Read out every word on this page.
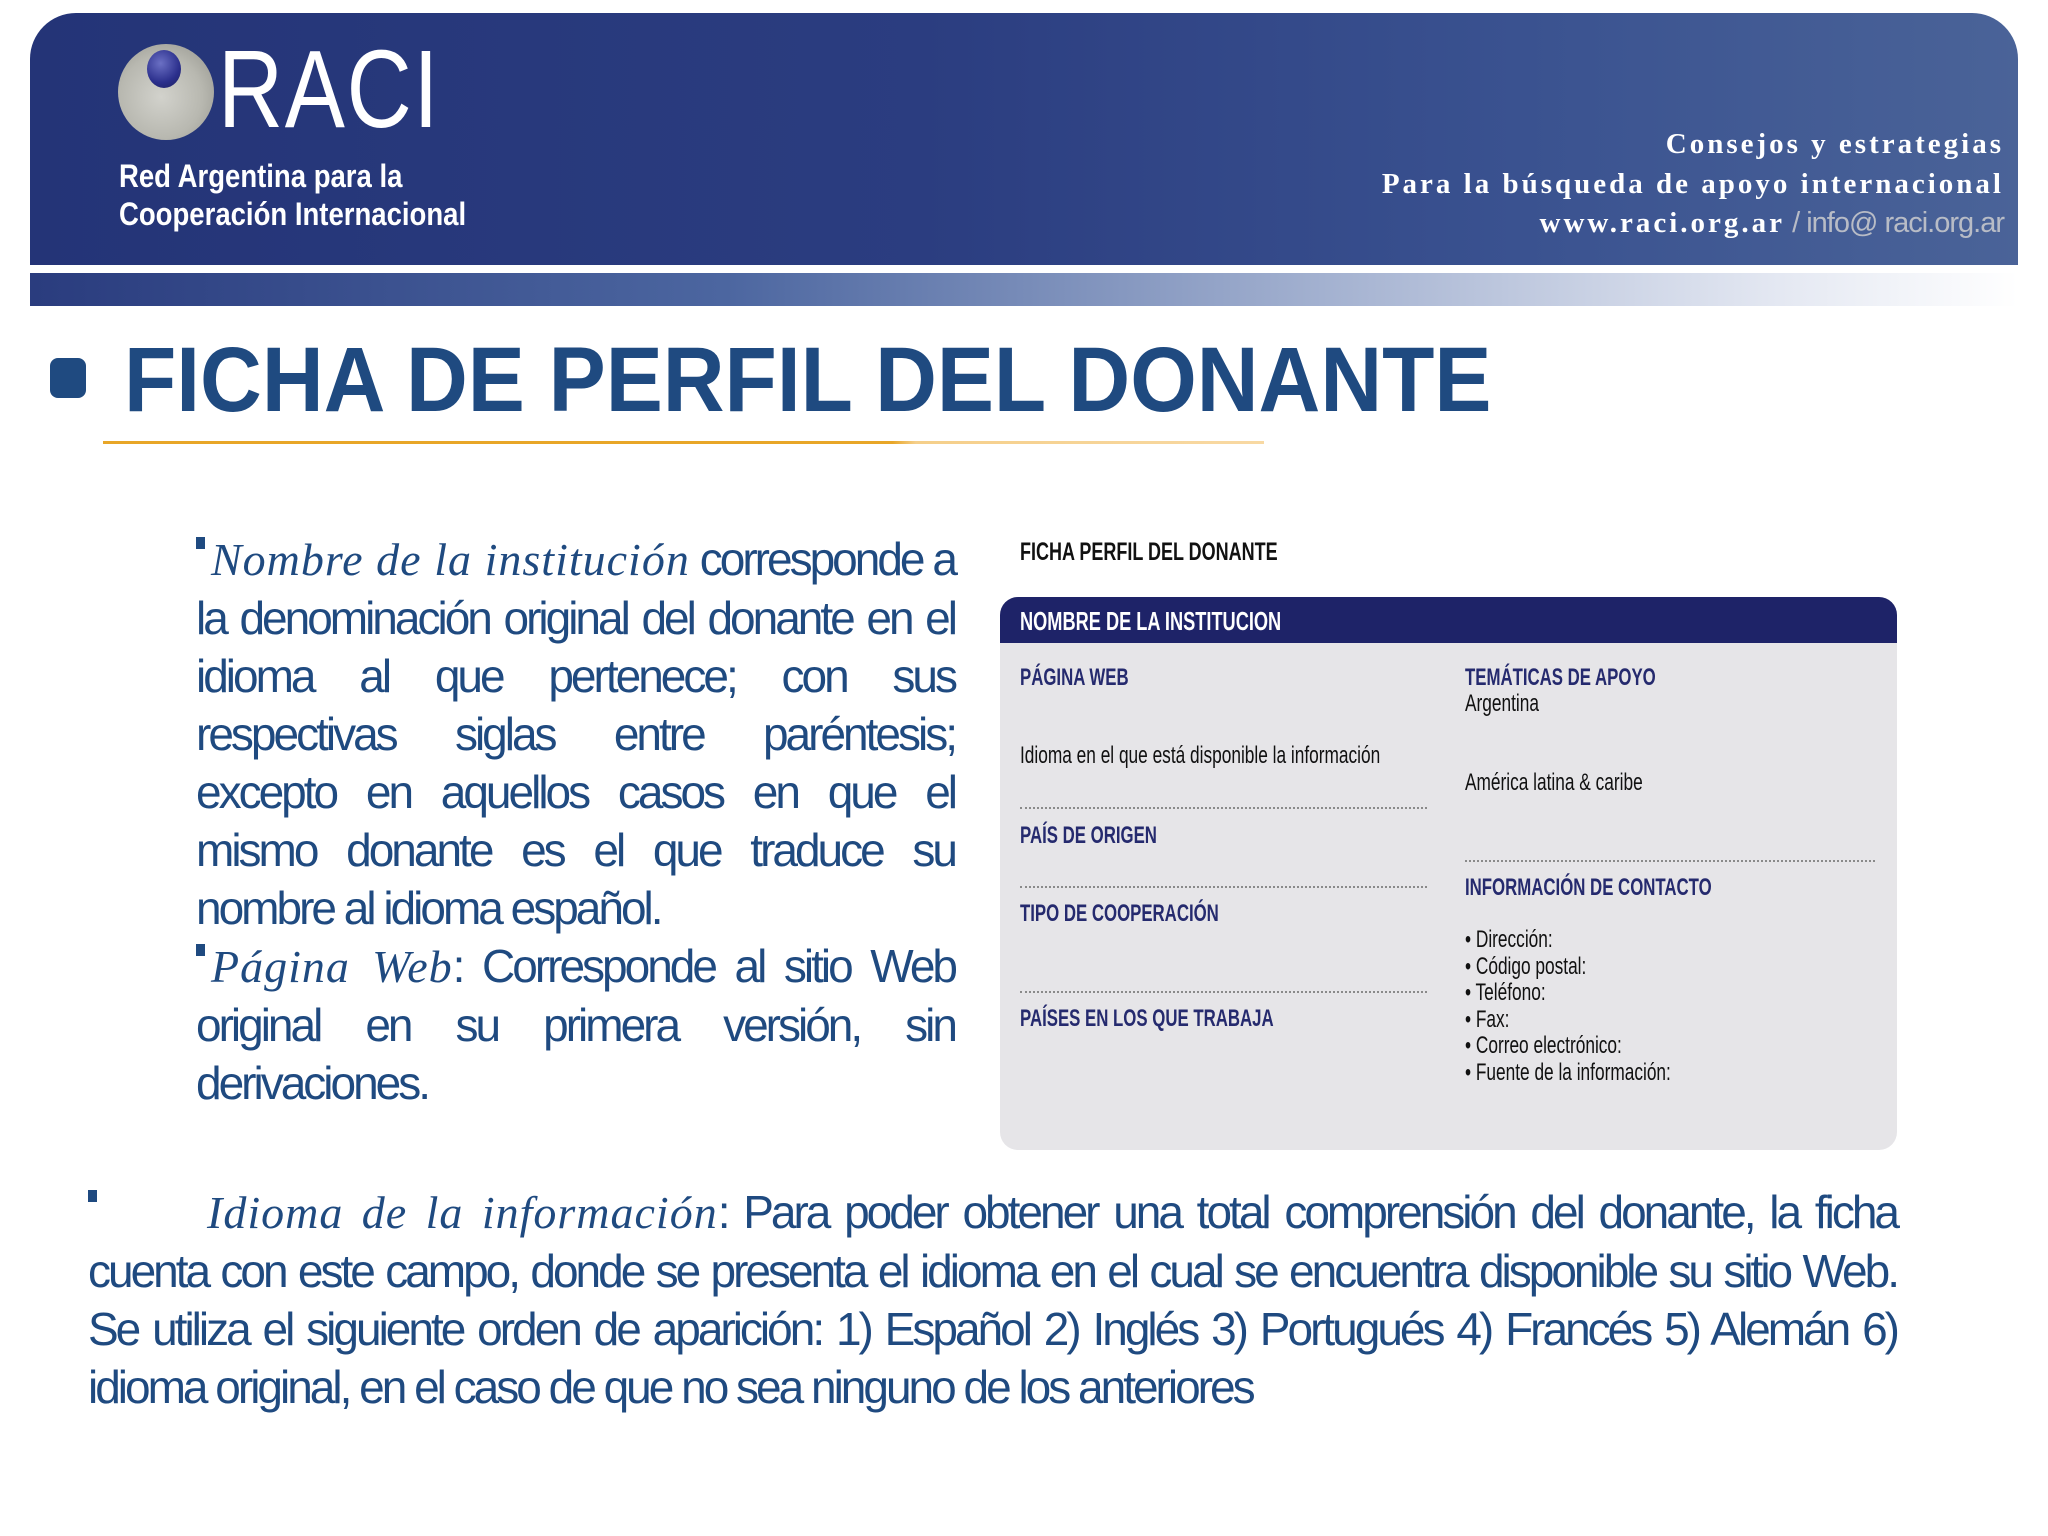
RACI
Red Argentina para la
Cooperación Internacional
Consejos y estrategias
Para la búsqueda de apoyo internacional
www.raci.org.ar / info@ raci.org.ar
FICHA DE PERFIL DEL DONANTE

Nombre de la institución corresponde a la denominación original del donante en el idioma al que pertenece; con sus respectivas siglas entre paréntesis; excepto en aquellos casos en que el mismo donante es el que traduce su nombre al idioma español.

Página Web: Corresponde al sitio Web original en su primera versión, sin derivaciones.

Idioma de la información: Para poder obtener una total comprensión del donante, la ficha cuenta con este campo, donde se presenta el idioma en el cual se encuentra disponible su sitio Web. Se utiliza el siguiente orden de aparición: 1) Español 2) Inglés 3) Portugués 4) Francés 5) Alemán 6) idioma original, en el caso de que no sea ninguno de los anteriores

FICHA PERFIL DEL DONANTE
NOMBRE DE LA INSTITUCION
PÁGINA WEB
Idioma en el que está disponible la información
PAÍS DE ORIGEN
TIPO DE COOPERACIÓN
PAÍSES EN LOS QUE TRABAJA
TEMÁTICAS DE APOYO
Argentina
América latina & caribe
INFORMACIÓN DE CONTACTO
• Dirección:
• Código postal:
• Teléfono:
• Fax:
• Correo electrónico:
• Fuente de la información:
